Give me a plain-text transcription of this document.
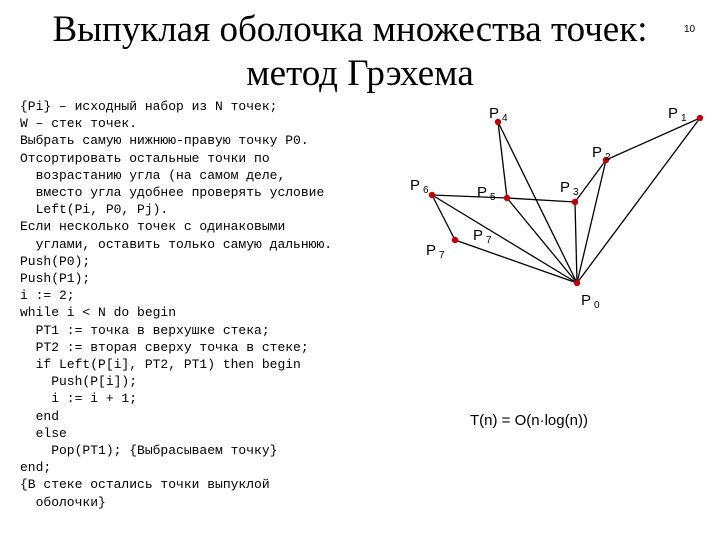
Выпуклая оболочка множества точек:
метод Грэхема
10
{Pi} – исходный набор из N точек;
W – стек точек.
Выбрать самую нижнюю-правую точку P0.
Отсортировать остальные точки по
возрастанию угла (на самом деле,
вместо угла удобнее проверять условие
Left(Pi, P0, Pj).
Если несколько точек с одинаковыми
углами, оставить только самую дальнюю.
Push(P0);
Push(P1);
i := 2;
while i < N do begin
PT1 := точка в верхушке стека;
PT2 := вторая сверху точка в стеке;
if Left(P[i], PT2, PT1) then begin
Push(P[i]);
i := i + 1;
end
else
Pop(PT1); {Выбрасываем точку}
end;
{В стеке остались точки выпуклой
оболочки}
P $_4$	P $_1$
P $_2$
P $_3$
P $_6$	P $_5$
P $_7$
P $_7$
P $_0$
T(n) = O(n·log(n))
